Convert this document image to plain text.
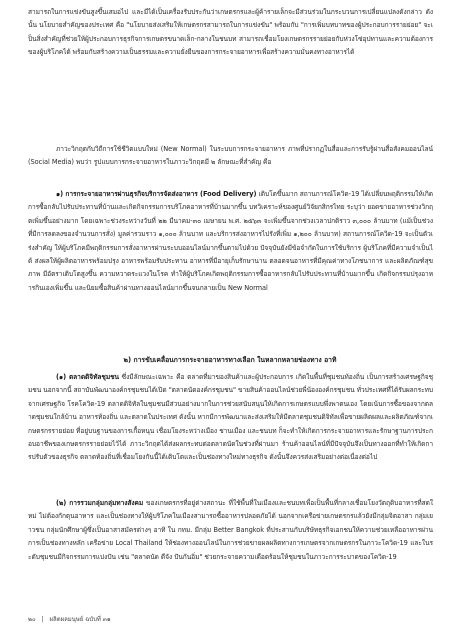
สามารถในการแข่งขันสูงขึ้นเสมอไป และมีได้เป็นเครื่องรับประกันว่าเกษตรกรและผู้ค้ารายเล็กจะมีส่วนร่วมในกระบวนการเปลี่ยนแปลงดังกล่าว ดังนั้น นโยบายสำคัญของประเทศ คือ "นโยบายส่งเสริมให้เกษตรกรสามารถในการแข่งขัน" พร้อมกับ "การเพิ่มบทบาทของผู้ประกอบการรายย่อย" จะเป็นสิ่งสำคัญที่ช่วยให้ผู้ประกอบการธุรกิจการเกษตรขนาดเล็ก-กลางในชนบท สามารถเชื่อมโยงเกษตรกรรายย่อยกับห่วงโซ่อุปทานและความต้องการของผู้บริโภคได้ พร้อมกับสร้างความเป็นธรรมและความยั่งยืนของการกระจายอาหารเพื่อสร้างความมั่นคงทางอาหารได้
ภาวะวิกฤตกับวิถีการใช้ชีวิตแบบใหม่ (New Normal) ในระบบการกระจายอาหาร ภาพที่ปรากฏในสื่อและการรับรู้ผ่านสื่อสังคมออนไลน์ (Social Media) พบว่า รูปแบบการกระจายอาหารในภาวะวิกฤตมี ๒ ลักษณะที่สำคัญ คือ
๑) การกระจายอาหารผ่านธุรกิจบริการจัดส่งอาหาร (Food Delivery) เติบโตขึ้นมาก สถานการณ์โควิด-19 ได้เปลี่ยนพฤติกรรมให้เกิดการซื้อกลับไปรับประทานที่บ้านและเกิดกิจกรรมการบริโภคอาหารที่บ้านมากขึ้น บทวิเคราะห์ของศูนย์วิจัยกสิกรไทย ระบุว่า ยอดขายอาหารช่วงวิกฤตเพิ่มขึ้นอย่างมาก โดยเฉพาะช่วงระหว่างวันที่ ๒๒ มีนาคม-๓๐ เมษายน พ.ศ. ๒๕๖๓ จะเพิ่มขึ้นจากช่วงเวลาปกติราว ๓,๐๐๐ ล้านบาท (แม้เป็นช่วงที่มีการลดลงของจำนวนการสั่ง) มูลค่ารวมราว ๑,๐๐๐ ล้านบาท และบริการส่งอาหารไปรังที่เพิ่ม ๑,๒๐๐ ล้านบาท) สถานการณ์โควิด-19 จะเป็นตัวเร่งสำคัญ ให้ผู้บริโภคมีพฤติกรรมการสั่งอาหารผ่านระบบออนไลน์มากขึ้นตามไปด้วย ปัจจุบันยังมีข้อจำกัดในการใช้บริการ ผู้บริโภคที่มีความจำเป็นได้ ส่งผลให้ผู้ผลิตอาหารพร้อมปรุง อาหารพร้อมรับประทาน อาหารที่มีอายุเก็บรักษานาน ตลอดจนอาหารที่มีคุณค่าทางโภชนาการ และผลิตภัณฑ์สุขภาพ มีอัตราเติบโตสูงขึ้น ความหวาดระแวงในโรค ทำให้ผู้บริโภคเกิดพฤติกรรมการซื้ออาหารกลับไปรับประทานที่บ้านมากขึ้น เกิดกิจกรรมปรุงอาหารกินเองเพิ่มขึ้น และนิยมซื้อสินค้าผ่านทางออนไลน์มากขึ้นจนกลายเป็น New Normal
๒) การขับเคลื่อนการกระจายอาหารทางเลือก ในหลากหลายช่องทาง อาทิ
(๑) ตลาดดิจิทัลชุมชน ซึ่งมีลักษณะเฉพาะ คือ ตลาดที่มาของสินค้าและผู้ประกอบการ เกิดในพื้นที่ชุมชนท้องถิ่น เป็นการสร้างเศรษฐกิจชุมชน นอกจากนี้ สถาบันพัฒนาองค์กรชุมชนได้เปิด "ตลาดนัดองค์กรชุมชน" ขายสินค้าออนไลน์ช่วยพี่น้ององค์กรชุมชน ทั่วประเทศที่ได้รับผลกระทบจากเศรษฐกิจ โรคโควิด-19 ตลาดดิจิทัลในชุมชนมีส่วนอย่างมากในการช่วยสนับสนุนให้เกิดการเกษตรแบบพึ่งพาตนเอง โดยเน้นการซื้อของจากตลาดชุมชนใกล้บ้าน อาหารท้องถิ่น และตลาดในประเทศ ดังนั้น หากมีการพัฒนาและส่งเสริมให้มีตลาดชุมชนดิจิทัลเพื่อขายผลิตผลและผลิตภัณฑ์จากเกษตรกรรายย่อย ที่อยู่บนฐานของการเกื้อหนุน เชื่อมโยงระหว่างเมือง ชานเมือง และชนบท ก็จะทำให้เกิดการกระจายอาหารและรักษาฐานการประกอบอาชีพของเกษตรกรรายย่อยไว้ได้ ภาวะวิกฤตได้ส่งผลกระทบต่อตลาดนัดในช่วงที่ผ่านมา ร้านค้าออนไลน์ที่มีปัจจุบันจึงเป็นทางออกที่ทำให้เกิดการปรับตัวของธุรกิจ ตลาดท้องถิ่นที่เชื่อมโยงกันนี้ได้เติบโตและเป็นช่องทางใหม่ทางธุรกิจ ดังนั้นจึงควรส่งเสริมอย่างต่อเนื่องต่อไป
(๒) การรวมกลุ่มกลุ่มทางสังคม ของเกษตรกรที่อยู่ต่างสถานะ ที่ใช้พื้นที่ในเมืองและชนบทเพื่อเป็นพื้นที่กลางเชื่อมโยงวัตถุดิบอาหารที่สดใหม่ ไม่ต้องกักตุนอาหาร และเป็นช่องทางให้ผู้บริโภคในเมืองสามารถซื้ออาหารปลอดภัยได้ นอกจากเครือข่ายเกษตรกรแล้วยังมีกลุ่มจิตอาสา กลุ่มเยาวชน กลุ่มนักศึกษาผู้ซึ่งเป็นอาสาสมัครต่างๆ อาทิ ใน กทม. มีกลุ่ม Better Bangkok ที่ประสานกับบริษัทธุรกิจเอกชนให้ความช่วยเหลืออาหารผ่านการเป็นช่องทางหลัก เครือข่าย Local Thailand ให้ช่องทางออนไลน์ในการช่วยขายผลผลิตทางการเกษตรจากเกษตรกรในภาวะโควิด-19 และในระดับชุมชนมีกิจกรรมการแบ่งปัน เช่น "ตลาดนัด ดีจัง ปันกันอิ่ม" ช่วยกระจายความเดือดร้อนให้ชุมชนในภาวะการระบาดของโควิด-19
๒๐ | ผลิตผลมนุษย์ ฉบับที่ ๓๑
